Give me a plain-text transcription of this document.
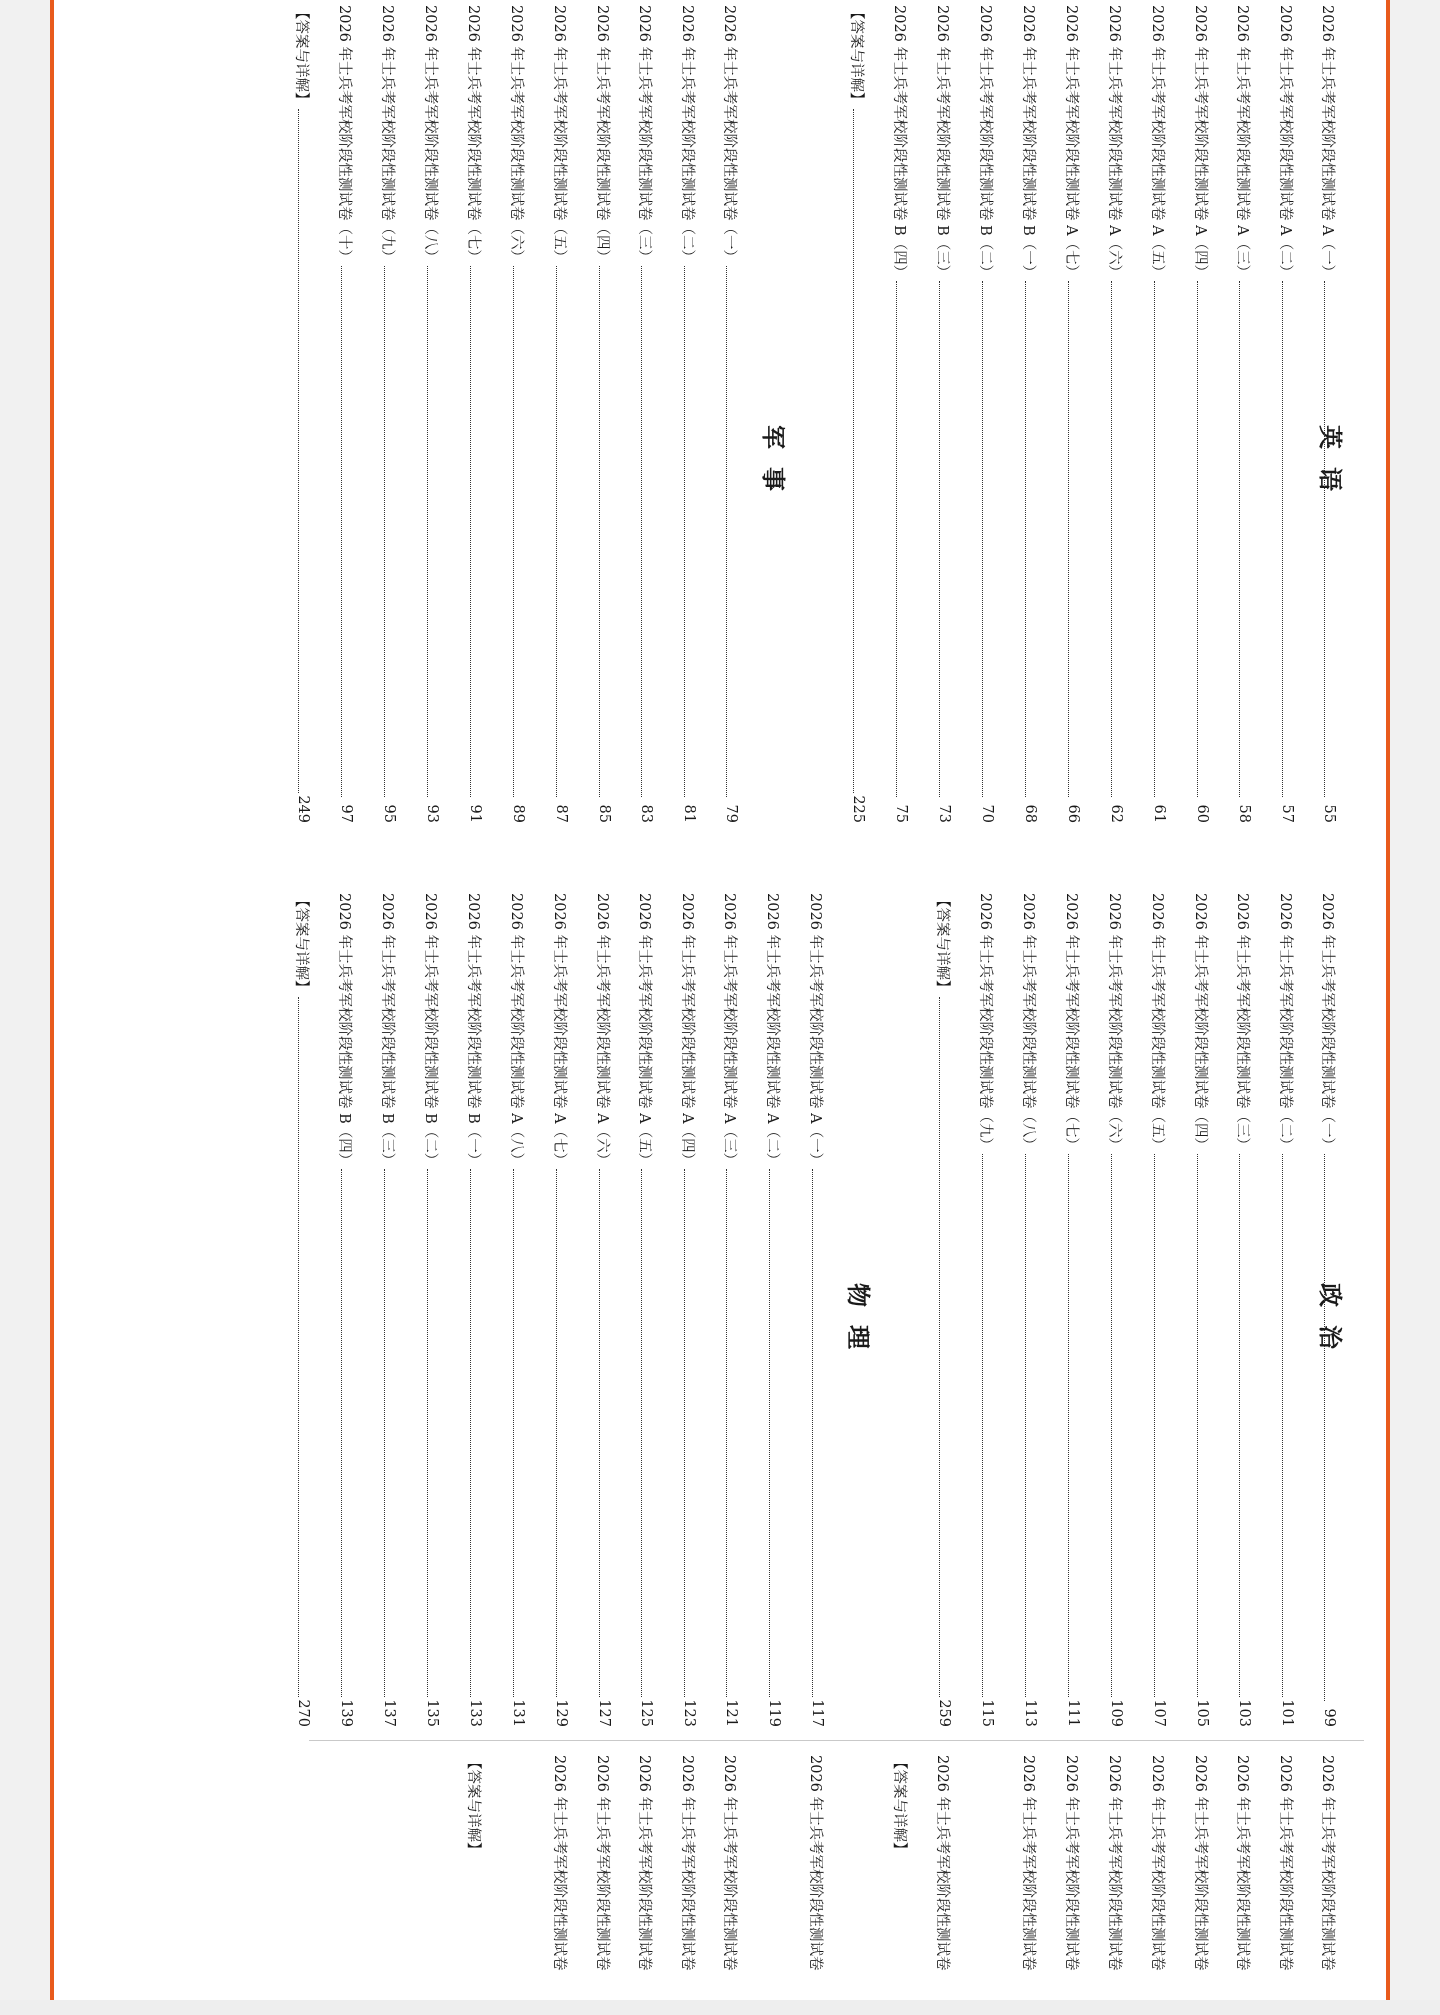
英语
2026 年士兵考军校阶段性测试卷 A（一）
55
2026 年士兵考军校阶段性测试卷 A（二）
57
2026 年士兵考军校阶段性测试卷 A（三）
58
2026 年士兵考军校阶段性测试卷 A（四）
60
2026 年士兵考军校阶段性测试卷 A（五）
61
2026 年士兵考军校阶段性测试卷 A（六）
62
2026 年士兵考军校阶段性测试卷 A（七）
66
2026 年士兵考军校阶段性测试卷 B（一）
68
2026 年士兵考军校阶段性测试卷 B（二）
70
2026 年士兵考军校阶段性测试卷 B（三）
73
2026 年士兵考军校阶段性测试卷 B（四）
75
【答案与详解】
225
军事
2026 年士兵考军校阶段性测试卷（一）
79
2026 年士兵考军校阶段性测试卷（二）
81
2026 年士兵考军校阶段性测试卷（三）
83
2026 年士兵考军校阶段性测试卷（四）
85
2026 年士兵考军校阶段性测试卷（五）
87
2026 年士兵考军校阶段性测试卷（六）
89
2026 年士兵考军校阶段性测试卷（七）
91
2026 年士兵考军校阶段性测试卷（八）
93
2026 年士兵考军校阶段性测试卷（九）
95
2026 年士兵考军校阶段性测试卷（十）
97
【答案与详解】
249
政治
2026 年士兵考军校阶段性测试卷（一）
99
2026 年士兵考军校阶段性测试卷（二）
101
2026 年士兵考军校阶段性测试卷（三）
103
2026 年士兵考军校阶段性测试卷（四）
105
2026 年士兵考军校阶段性测试卷（五）
107
2026 年士兵考军校阶段性测试卷（六）
109
2026 年士兵考军校阶段性测试卷（七）
111
2026 年士兵考军校阶段性测试卷（八）
113
2026 年士兵考军校阶段性测试卷（九）
115
【答案与详解】
259
物理
2026 年士兵考军校阶段性测试卷 A（一）
117
2026 年士兵考军校阶段性测试卷 A（二）
119
2026 年士兵考军校阶段性测试卷 A（三）
121
2026 年士兵考军校阶段性测试卷 A（四）
123
2026 年士兵考军校阶段性测试卷 A（五）
125
2026 年士兵考军校阶段性测试卷 A（六）
127
2026 年士兵考军校阶段性测试卷 A（七）
129
2026 年士兵考军校阶段性测试卷 A（八）
131
2026 年士兵考军校阶段性测试卷 B（一）
133
2026 年士兵考军校阶段性测试卷 B（二）
135
2026 年士兵考军校阶段性测试卷 B（三）
137
2026 年士兵考军校阶段性测试卷 B（四）
139
【答案与详解】
270
2026 年士兵考军校阶段性测试卷
2026 年士兵考军校阶段性测试卷
2026 年士兵考军校阶段性测试卷
2026 年士兵考军校阶段性测试卷
2026 年士兵考军校阶段性测试卷
2026 年士兵考军校阶段性测试卷
2026 年士兵考军校阶段性测试卷
2026 年士兵考军校阶段性测试卷
2026 年士兵考军校阶段性测试卷
【答案与详解】
2026 年士兵考军校阶段性测试卷
2026 年士兵考军校阶段性测试卷
2026 年士兵考军校阶段性测试卷
2026 年士兵考军校阶段性测试卷
2026 年士兵考军校阶段性测试卷
2026 年士兵考军校阶段性测试卷
【答案与详解】
